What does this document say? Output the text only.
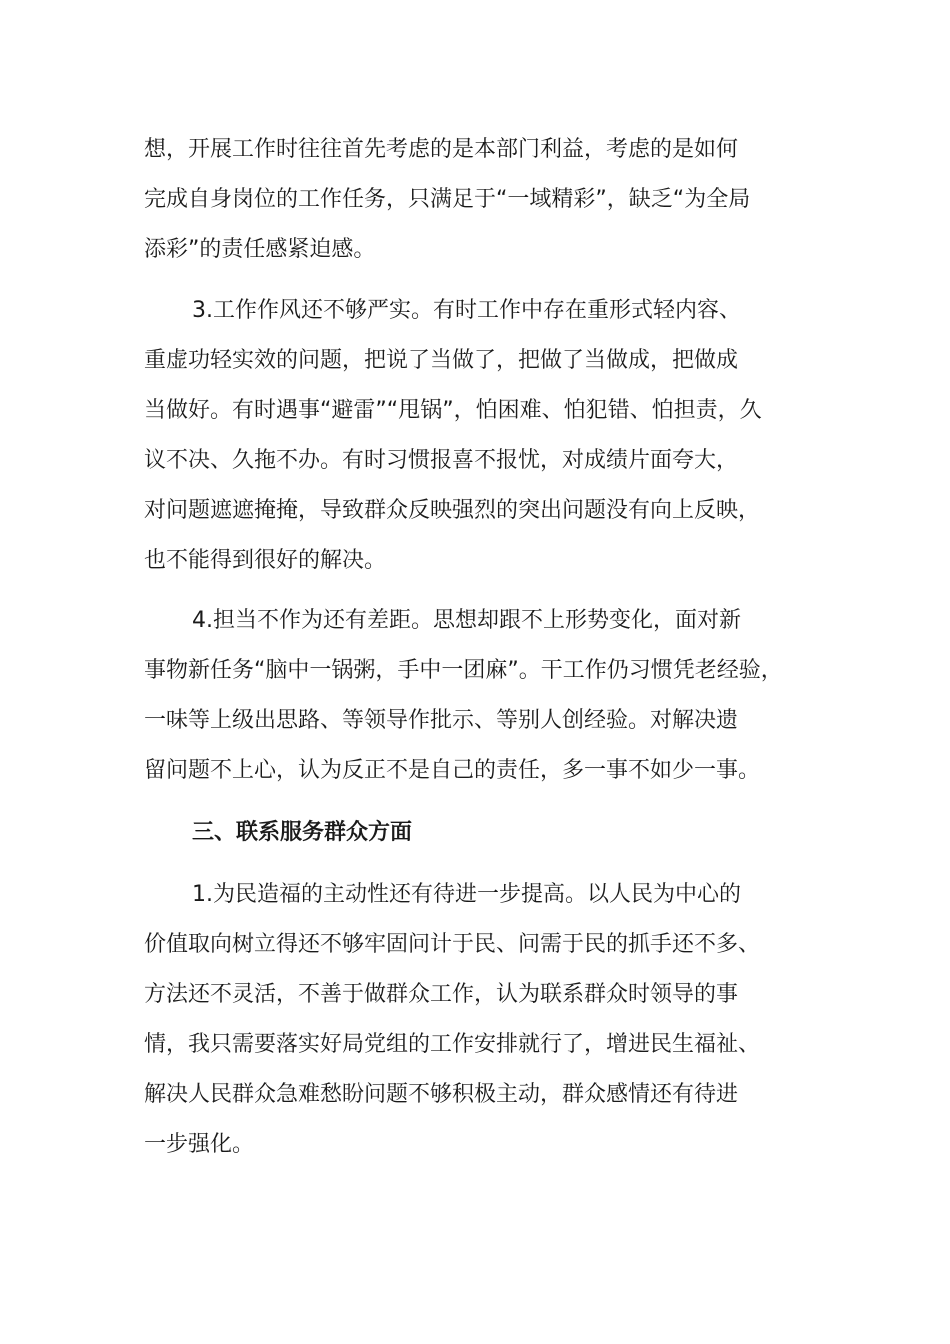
想，开展工作时往往首先考虑的是本部门利益，考虑的是如何
完成自身岗位的工作任务，只满足于“一域精彩”，缺乏“为全局
添彩”的责任感紧迫感。
3.工作作风还不够严实。有时工作中存在重形式轻内容、
重虚功轻实效的问题，把说了当做了，把做了当做成，把做成
当做好。有时遇事“避雷”“甩锅”，怕困难、怕犯错、怕担责，久
议不决、久拖不办。有时习惯报喜不报忧，对成绩片面夸大，
对问题遮遮掩掩，导致群众反映强烈的突出问题没有向上反映，
也不能得到很好的解决。
4.担当不作为还有差距。思想却跟不上形势变化，面对新
事物新任务“脑中一锅粥，手中一团麻”。干工作仍习惯凭老经验，
一味等上级出思路、等领导作批示、等别人创经验。对解决遗
留问题不上心，认为反正不是自己的责任，多一事不如少一事。
三、联系服务群众方面
1.为民造福的主动性还有待进一步提高。以人民为中心的
价值取向树立得还不够牢固问计于民、问需于民的抓手还不多、
方法还不灵活，不善于做群众工作，认为联系群众时领导的事
情，我只需要落实好局党组的工作安排就行了，增进民生福祉、
解决人民群众急难愁盼问题不够积极主动，群众感情还有待进
一步强化。
